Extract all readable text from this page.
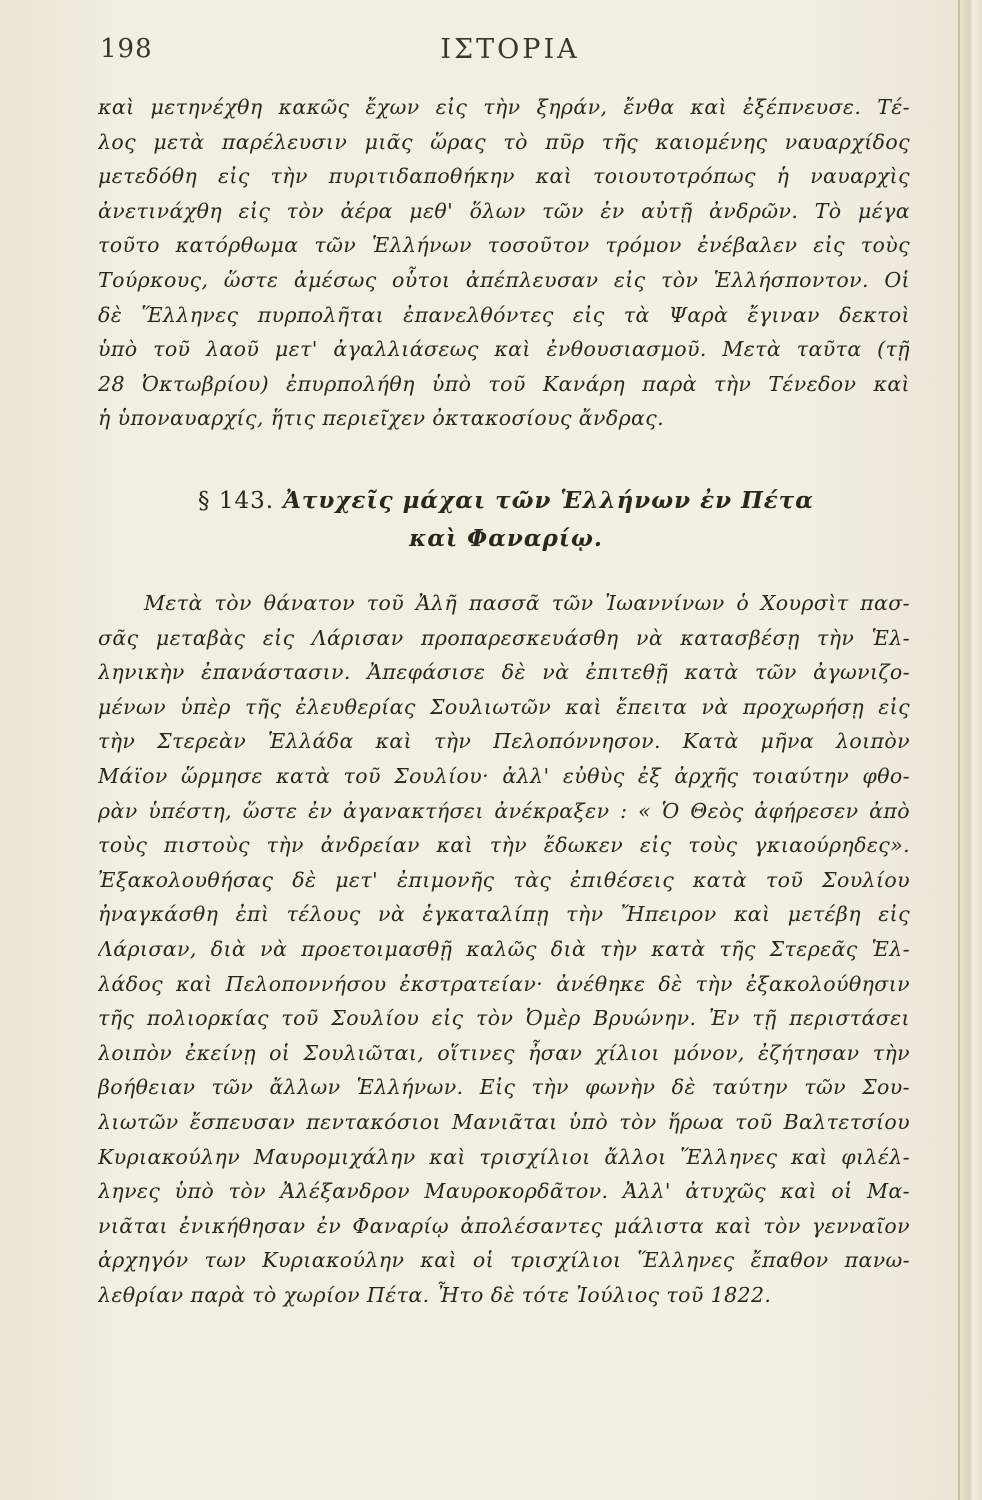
198	ΙΣΤΟΡΙΑ
καὶ μετηνέχθη κακῶς ἔχων εἰς τὴν ξηράν, ἔνθα καὶ ἐξέπνευσε. Τέ-
λος μετὰ παρέλευσιν μιᾶς ὥρας τὸ πῦρ τῆς καιομένης ναυαρχίδος
μετεδόθη εἰς τὴν πυριτιδαποθήκην καὶ τοιουτοτρόπως ἡ ναυαρχὶς
ἀνετινάχθη εἰς τὸν ἀέρα μεθ' ὅλων τῶν ἐν αὐτῇ ἀνδρῶν. Τὸ μέγα
τοῦτο κατόρθωμα τῶν Ἑλλήνων τοσοῦτον τρόμον ἐνέβαλεν εἰς τοὺς
Τούρκους, ὥστε ἀμέσως οὗτοι ἀπέπλευσαν εἰς τὸν Ἑλλήσποντον. Οἱ
δὲ Ἕλληνες πυρπολῆται ἐπανελθόντες εἰς τὰ Ψαρὰ ἔγιναν δεκτοὶ
ὑπὸ τοῦ λαοῦ μετ' ἀγαλλιάσεως καὶ ἐνθουσιασμοῦ. Μετὰ ταῦτα (τῇ
28 Ὀκτωβρίου) ἐπυρπολήθη ὑπὸ τοῦ Κανάρη παρὰ τὴν Τένεδον καὶ
ἡ ὑποναυαρχίς, ἥτις περιεῖχεν ὀκτακοσίους ἄνδρας.
§ 143. Ἀτυχεῖς μάχαι τῶν Ἑλλήνων ἐν Πέτα
καὶ Φαναρίῳ.
Μετὰ τὸν θάνατον τοῦ Ἀλῆ πασσᾶ τῶν Ἰωαννίνων ὁ Χουρσὶτ πασ-
σᾶς μεταβὰς εἰς Λάρισαν προπαρεσκευάσθη νὰ κατασβέσῃ τὴν Ἑλ-
ληνικὴν ἐπανάστασιν. Ἀπεφάσισε δὲ νὰ ἐπιτεθῇ κατὰ τῶν ἀγωνιζο-
μένων ὑπὲρ τῆς ἐλευθερίας Σουλιωτῶν καὶ ἔπειτα νὰ προχωρήσῃ εἰς
τὴν Στερεὰν Ἑλλάδα καὶ τὴν Πελοπόννησον. Κατὰ μῆνα λοιπὸν
Μάϊον ὥρμησε κατὰ τοῦ Σουλίου· ἀλλ' εὐθὺς ἐξ ἀρχῆς τοιαύτην φθο-
ρὰν ὑπέστη, ὥστε ἐν ἀγανακτήσει ἀνέκραξεν : « Ὁ Θεὸς ἀφήρεσεν ἀπὸ
τοὺς πιστοὺς τὴν ἀνδρείαν καὶ τὴν ἔδωκεν εἰς τοὺς γκιαούρηδες».
Ἐξακολουθήσας δὲ μετ' ἐπιμονῆς τὰς ἐπιθέσεις κατὰ τοῦ Σουλίου
ἠναγκάσθη ἐπὶ τέλους νὰ ἐγκαταλίπῃ τὴν Ἤπειρον καὶ μετέβη εἰς
Λάρισαν, διὰ νὰ προετοιμασθῇ καλῶς διὰ τὴν κατὰ τῆς Στερεᾶς Ἑλ-
λάδος καὶ Πελοποννήσου ἐκστρατείαν· ἀνέθηκε δὲ τὴν ἐξακολούθησιν
τῆς πολιορκίας τοῦ Σουλίου εἰς τὸν Ὀμὲρ Βρυώνην. Ἐν τῇ περιστάσει
λοιπὸν ἐκείνῃ οἱ Σουλιῶται, οἵτινες ἦσαν χίλιοι μόνον, ἐζήτησαν τὴν
βοήθειαν τῶν ἄλλων Ἑλλήνων. Εἰς τὴν φωνὴν δὲ ταύτην τῶν Σου-
λιωτῶν ἔσπευσαν πεντακόσιοι Μανιᾶται ὑπὸ τὸν ἥρωα τοῦ Βαλτετσίου
Κυριακούλην Μαυρομιχάλην καὶ τρισχίλιοι ἄλλοι Ἕλληνες καὶ φιλέλ-
ληνες ὑπὸ τὸν Ἀλέξανδρον Μαυροκορδᾶτον. Ἀλλ' ἀτυχῶς καὶ οἱ Μα-
νιᾶται ἐνικήθησαν ἐν Φαναρίῳ ἀπολέσαντες μάλιστα καὶ τὸν γενναῖον
ἀρχηγόν των Κυριακούλην καὶ οἱ τρισχίλιοι Ἕλληνες ἔπαθον πανω-
λεθρίαν παρὰ τὸ χωρίον Πέτα. Ἦτο δὲ τότε Ἰούλιος τοῦ 1822.
